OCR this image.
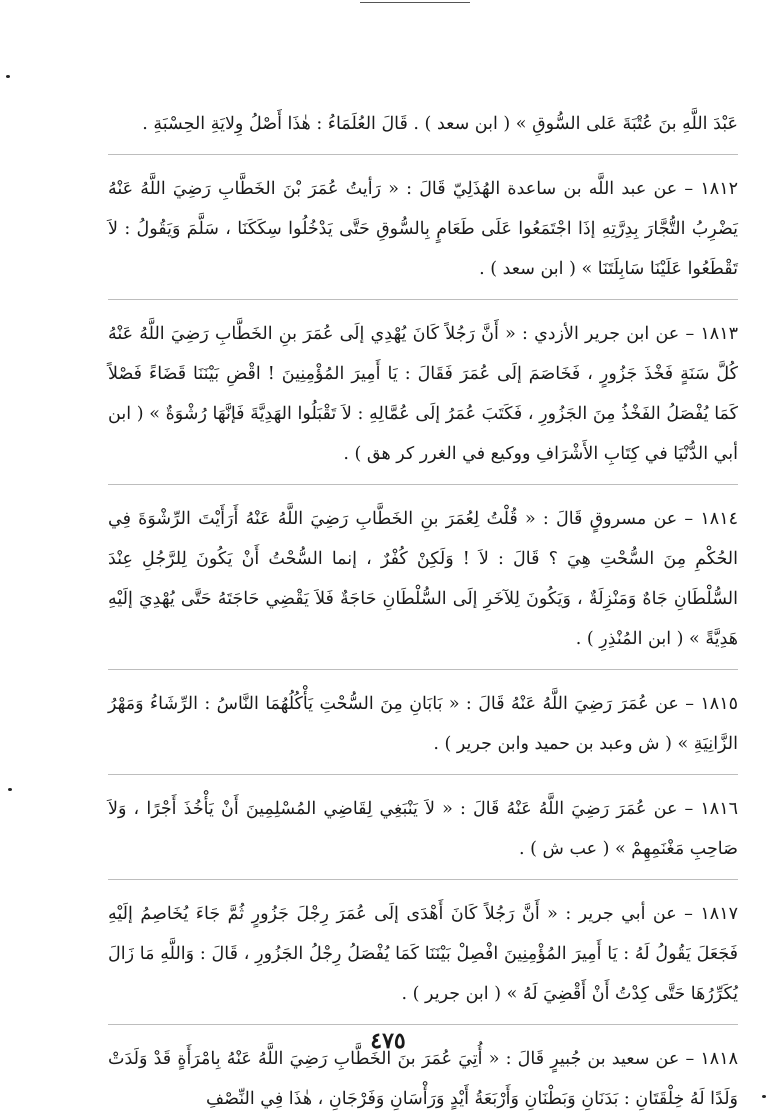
عَبْدَ اللَّهِ بنَ عُتْبَةَ عَلى السُّوقِ » ( ابن سعد ) . قَالَ العُلَمَاءُ : هٰذَا أَصْلُ وِلايَةِ الحِسْبَةِ .

١٨١٢ – عن عبد اللَّه بن ساعدة الهُذَلِيّ قَالَ : « رَأيتُ عُمَرَ بْنَ الخَطَّابِ رَضِيَ اللَّهُ عَنْهُ يَضْرِبُ التُّجَّارَ بِدِرَّتِهِ إذَا اجْتَمَعُوا عَلَى طَعَامٍ بِالسُّوقِ حَتَّى يَدْخُلُوا سِكَكَنَا ، سَلَّمَ وَيَقُولُ : لاَ تَقْطَعُوا عَلَيْنَا سَابِلَتَنَا » ( ابن سعد ) .

١٨١٣ – عن ابن جرير الأزدي : « أَنَّ رَجُلاً كَانَ يُهْدِي إلَى عُمَرَ بنِ الخَطَّابِ رَضِيَ اللَّهُ عَنْهُ كُلَّ سَنَةٍ فَخْذَ جَزُورٍ ، فَخَاصَمَ إلَى عُمَرَ فَقَالَ : يَا أَمِيرَ المُؤْمِنِينَ ! اقْضِ بَيْنَنَا قَضَاءً فَصْلاً كَمَا يُفْصَلُ الفَخْذُ مِنَ الجَزُورِ ، فَكَتَبَ عُمَرُ إلَى عُمَّالِهِ : لاَ تَقْبَلُوا الهَدِيَّةَ فَإنَّهَا رُشْوَةٌ » ( ابن أبي الدُّنْيَا في كِتَابِ الأَشْرَافِ ووكيع في الغرر كر هق ) .

١٨١٤ – عن مسروقٍ قَالَ : « قُلْتُ لِعُمَرَ بنِ الخَطَّابِ رَضِيَ اللَّهُ عَنْهُ أَرَأَيْتَ الرِّشْوَةَ فِي الحُكْمِ مِنَ السُّحْتِ هِيَ ؟ قَالَ : لاَ ! وَلَكِنْ كُفْرٌ ، إنما السُّحْتُ أَنْ يَكُونَ لِلرَّجُلِ عِنْدَ السُّلْطَانِ جَاهٌ وَمَنْزِلَةٌ ، وَيَكُونَ لِلآخَرِ إلَى السُّلْطَانِ حَاجَةٌ فَلاَ يَقْضِي حَاجَتَهُ حَتَّى يُهْدِيَ إلَيْهِ هَدِيَّةً » ( ابن المُنْذِرِ ) .

١٨١٥ – عن عُمَرَ رَضِيَ اللَّهُ عَنْهُ قَالَ : « بَابَانِ مِنَ السُّحْتِ يَأْكُلُهُمَا النَّاسُ : الرِّشَاءُ وَمَهْرُ الزَّانِيَةِ » ( ش وعبد بن حميد وابن جرير ) .

١٨١٦ – عن عُمَرَ رَضِيَ اللَّهُ عَنْهُ قَالَ : « لاَ يَنْبَغِي لِقَاضِي المُسْلِمِينَ أَنْ يَأْخُذَ أَجْرًا ، وَلاَ صَاحِبِ مَغْنَمِهِمْ » ( عب ش ) .

١٨١٧ – عن أبي جرير : « أَنَّ رَجُلاً كَانَ أَهْدَى إلَى عُمَرَ رِجْلَ جَزُورٍ ثُمَّ جَاءَ يُخَاصِمُ إلَيْهِ فَجَعَلَ يَقُولُ لَهُ : يَا أَمِيرَ المُؤْمِنِينَ افْصِلْ بَيْنَنَا كَمَا يُفْصَلُ رِجْلُ الجَزُورِ ، قَالَ : وَاللَّهِ مَا زَالَ يُكَرِّرُهَا حَتَّى كِدْتُ أَنْ أَقْضِيَ لَهُ » ( ابن جرير ) .

١٨١٨ – عن سعيد بن جُبيرٍ قَالَ : « أُتِيَ عُمَرَ بنَ الخَطَّابِ رَضِيَ اللَّهُ عَنْهُ بِامْرَأَةٍ قَدْ وَلَدَتْ وَلَدًا لَهُ خِلْقَتَانِ : بَدَنَانِ وَبَطْنَانِ وَأَرْبَعَةُ أَيْدٍ وَرَأْسَانِ وَفَرْجَانِ ، هٰذَا فِي النِّصْفِ

٤٧٥
